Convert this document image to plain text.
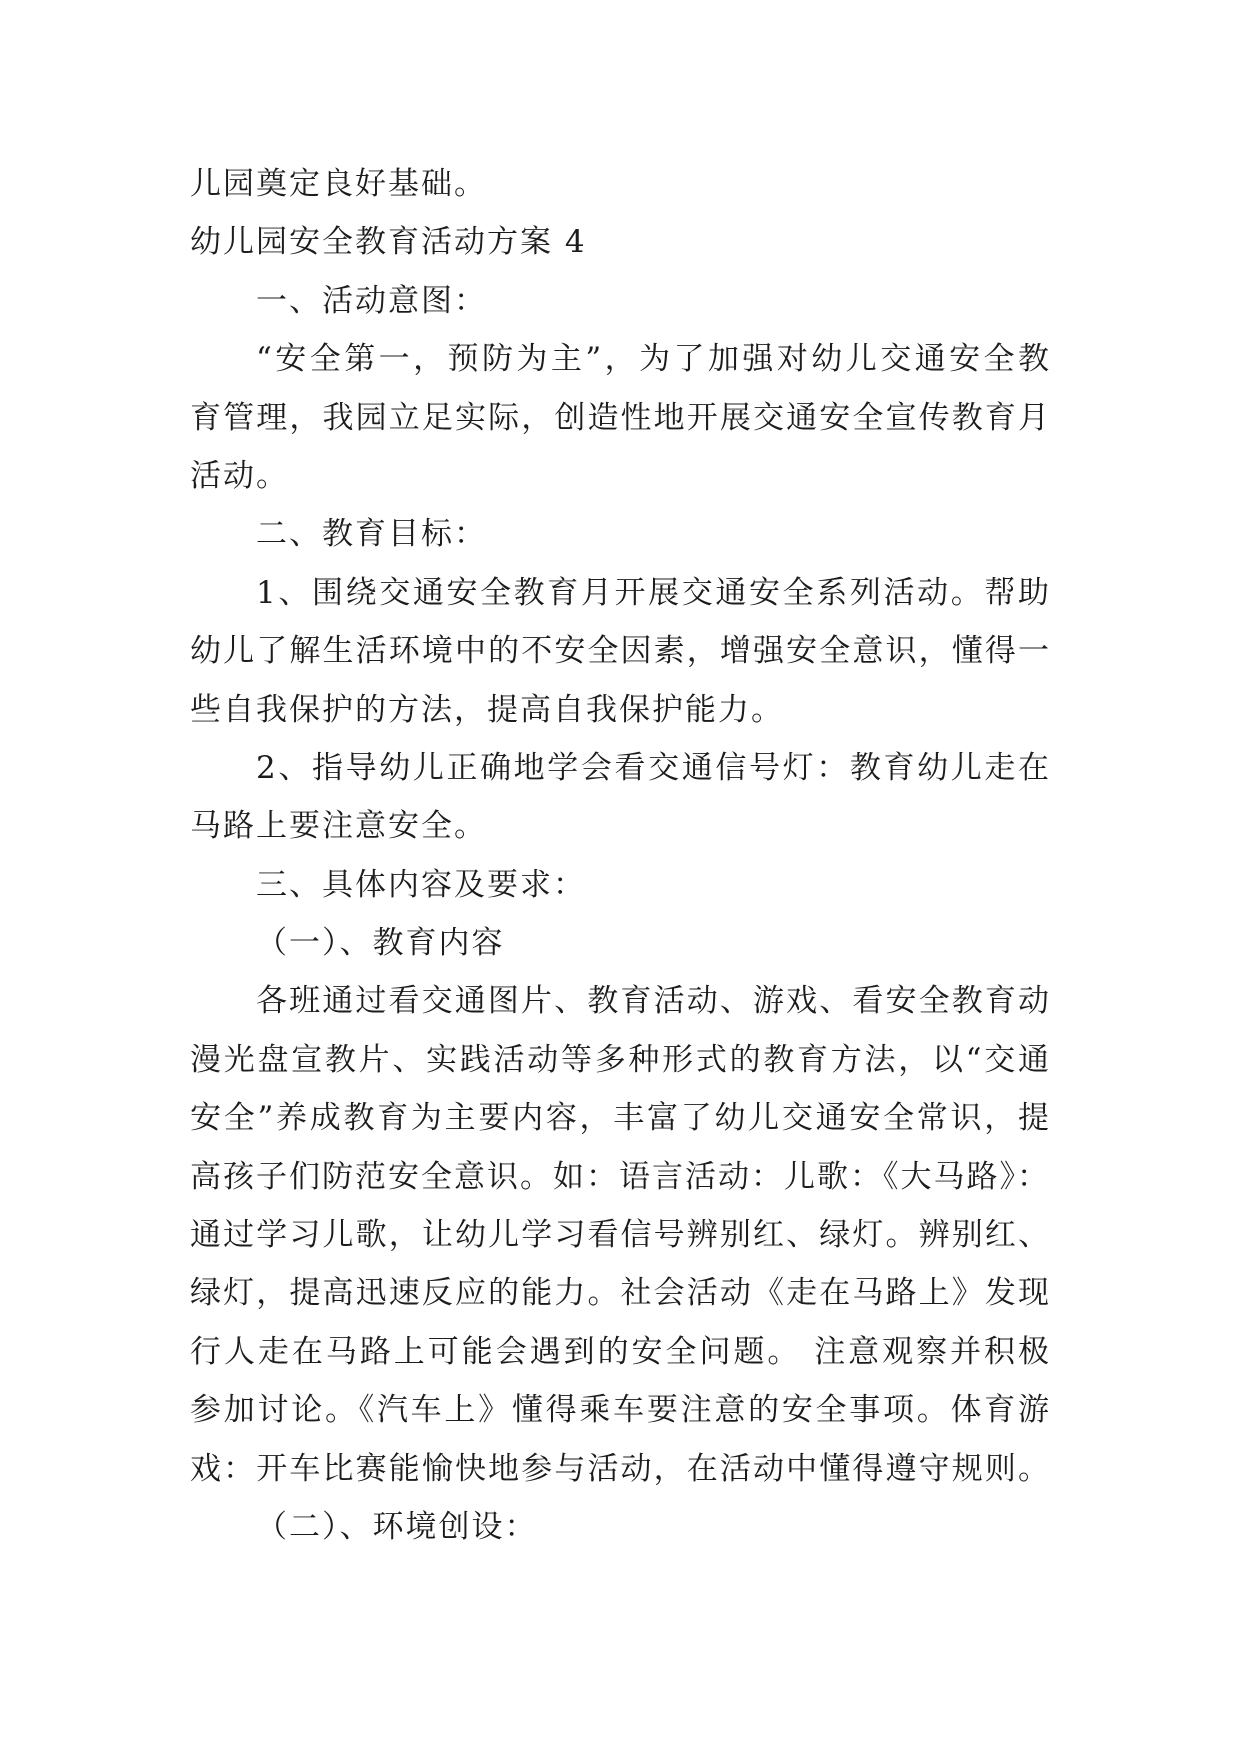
儿园奠定良好基础。
幼儿园安全教育活动方案 4
一、活动意图：
“安全第一，预防为主”，为了加强对幼儿交通安全教
育管理，我园立足实际，创造性地开展交通安全宣传教育月
活动。
二、教育目标：
1、围绕交通安全教育月开展交通安全系列活动。帮助
幼儿了解生活环境中的不安全因素，增强安全意识，懂得一
些自我保护的方法，提高自我保护能力。
2、指导幼儿正确地学会看交通信号灯：教育幼儿走在
马路上要注意安全。
三、具体内容及要求：
（一）、教育内容
各班通过看交通图片、教育活动、游戏、看安全教育动
漫光盘宣教片、实践活动等多种形式的教育方法，以“交通
安全”养成教育为主要内容，丰富了幼儿交通安全常识，提
高孩子们防范安全意识。如：语言活动：儿歌：《大马路》：
通过学习儿歌，让幼儿学习看信号辨别红、绿灯。辨别红、
绿灯，提高迅速反应的能力。社会活动《走在马路上》发现
行人走在马路上可能会遇到的安全问题。 注意观察并积极
参加讨论。《汽车上》懂得乘车要注意的安全事项。体育游
戏：开车比赛能愉快地参与活动，在活动中懂得遵守规则。
（二）、环境创设：
